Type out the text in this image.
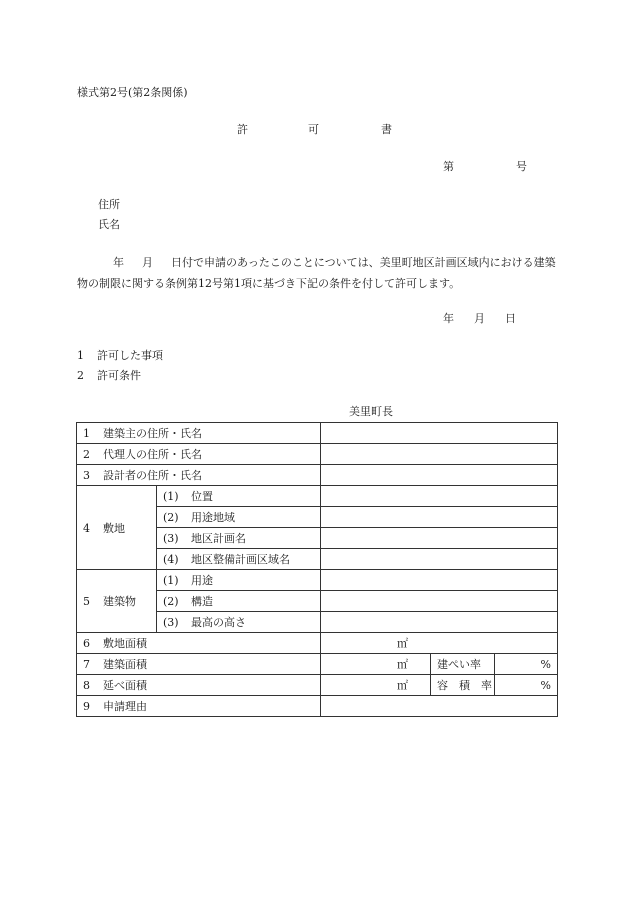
様式第2号(第2条関係)
許	可	書
第	号
住所
氏名
年 月 日付で申請のあったこのことについては、美里町地区計画区域内における建築物の制限に関する条例第12号第1項に基づき下記の条件を付して許可します。
年 月 日
1 許可した事項
2 許可条件
美里町長
1 建築主の住所・氏名				
2 代理人の住所・氏名				
3 設計者の住所・氏名				
4 敷地	(1) 位置			
	(2) 用途地域			
	(3) 地区計画名			
	(4) 地区整備計画区域名			
5 建築物	(1) 用途			
	(2) 構造			
	(3) 最高の高さ			
6 敷地面積		㎡		
7 建築面積		㎡	建ぺい率	%
8 延べ面積		㎡	容　積　率	%
9 申請理由				
